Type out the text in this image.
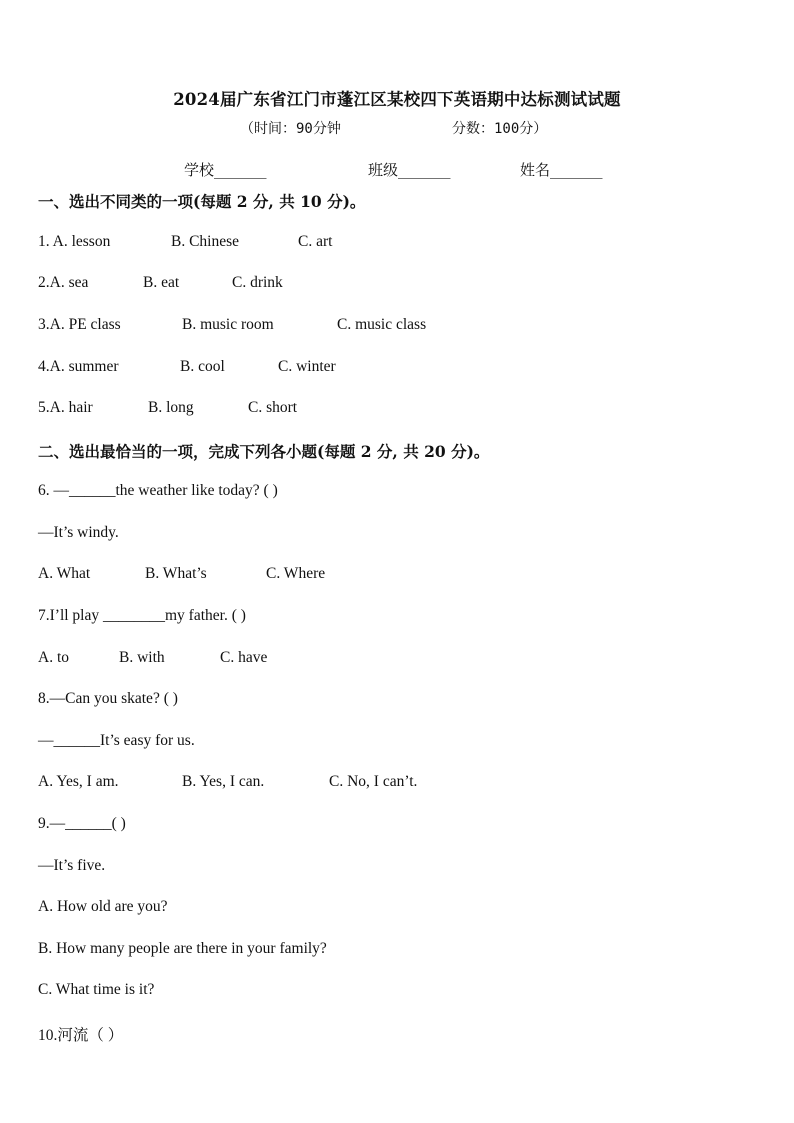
2024届广东省江门市蓬江区某校四下英语期中达标测试试题
（时间：90分钟	分数：100分）
学校_______	班级_______	姓名_______
一、选出不同类的一项(每题 2 分, 共 10 分)。
1. A. lesson	B. Chinese	C. art
2.A. sea	B. eat	C. drink
3.A. PE class	B. music room	C. music class
4.A. summer	B. cool	C. winter
5.A. hair	B. long	C. short
二、选出最恰当的一项，完成下列各小题(每题 2 分, 共 20 分)。
6. —______the weather like today? ( )
—It’s windy.
A. What	B. What’s	C. Where
7.I’ll play ________my father. ( )
A. to	B. with	C. have
8.—Can you skate? ( )
—______It’s easy for us.
A. Yes, I am.	B. Yes, I can.	C. No, I can’t.
9.—______( )
—It’s five.
A. How old are you?
B. How many people are there in your family?
C. What time is it?
10.河流（ ）
